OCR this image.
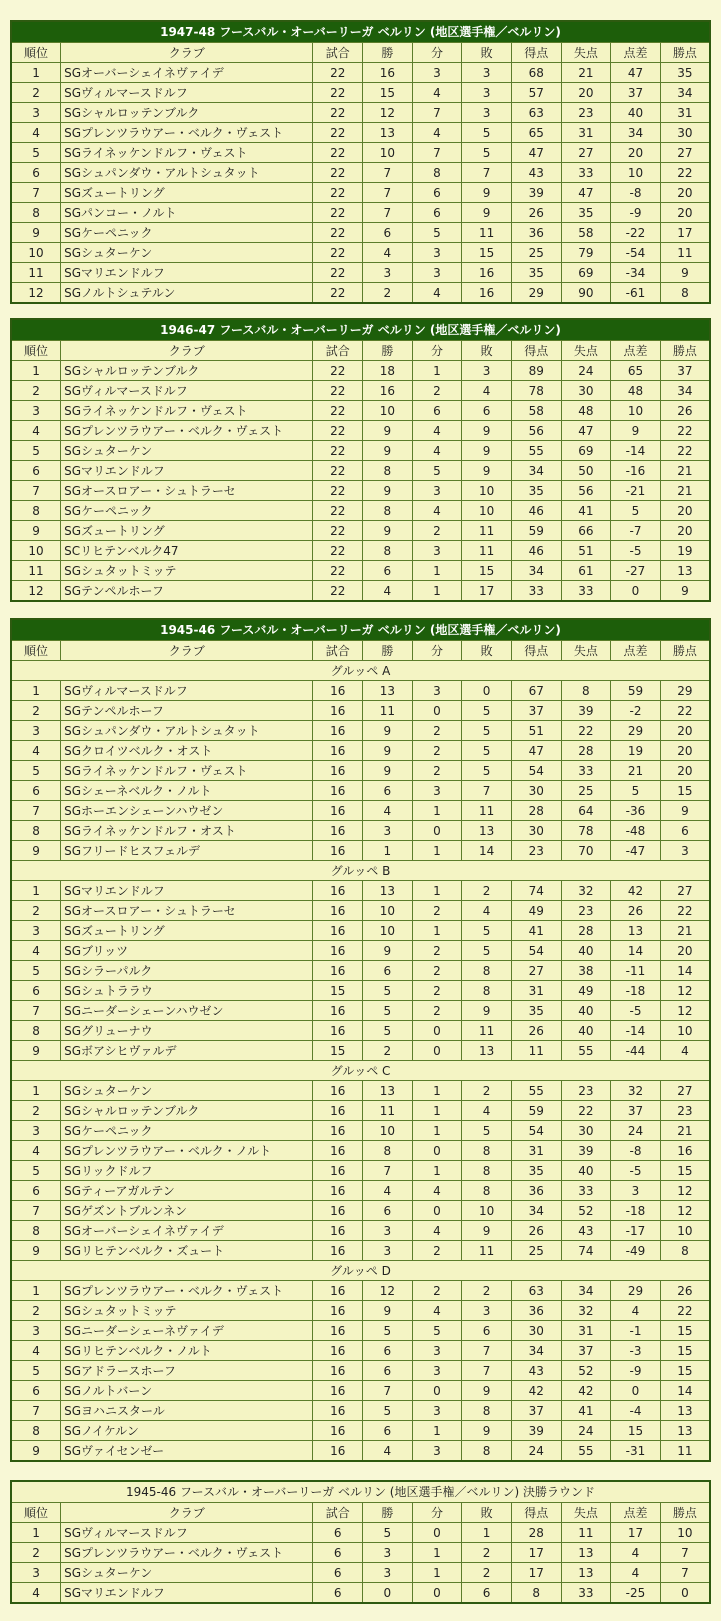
1947-48 フースバル・オーバーリーガ ベルリン (地区選手権／ベルリン)									
順位	クラブ	試合	勝	分	敗	得点	失点	点差	勝点
1	SGオーバーシェイネヴァイデ	22	16	3	3	68	21	47	35
2	SGヴィルマースドルフ	22	15	4	3	57	20	37	34
3	SGシャルロッテンブルク	22	12	7	3	63	23	40	31
4	SGプレンツラウアー・ベルク・ヴェスト	22	13	4	5	65	31	34	30
5	SGライネッケンドルフ・ヴェスト	22	10	7	5	47	27	20	27
6	SGシュパンダウ・アルトシュタット	22	7	8	7	43	33	10	22
7	SGズュートリング	22	7	6	9	39	47	-8	20
8	SGパンコー・ノルト	22	7	6	9	26	35	-9	20
9	SGケーペニック	22	6	5	11	36	58	-22	17
10	SGシュターケン	22	4	3	15	25	79	-54	11
11	SGマリエンドルフ	22	3	3	16	35	69	-34	9
12	SGノルトシュテルン	22	2	4	16	29	90	-61	8
1946-47 フースバル・オーバーリーガ ベルリン (地区選手権／ベルリン)									
順位	クラブ	試合	勝	分	敗	得点	失点	点差	勝点
1	SGシャルロッテンブルク	22	18	1	3	89	24	65	37
2	SGヴィルマースドルフ	22	16	2	4	78	30	48	34
3	SGライネッケンドルフ・ヴェスト	22	10	6	6	58	48	10	26
4	SGプレンツラウアー・ベルク・ヴェスト	22	9	4	9	56	47	9	22
5	SGシュターケン	22	9	4	9	55	69	-14	22
6	SGマリエンドルフ	22	8	5	9	34	50	-16	21
7	SGオースロアー・シュトラーセ	22	9	3	10	35	56	-21	21
8	SGケーペニック	22	8	4	10	46	41	5	20
9	SGズュートリング	22	9	2	11	59	66	-7	20
10	SCリヒテンベルク47	22	8	3	11	46	51	-5	19
11	SGシュタットミッテ	22	6	1	15	34	61	-27	13
12	SGテンペルホーフ	22	4	1	17	33	33	0	9
1945-46 フースバル・オーバーリーガ ベルリン (地区選手権／ベルリン)									
順位	クラブ	試合	勝	分	敗	得点	失点	点差	勝点
グルッペ A									
1	SGヴィルマースドルフ	16	13	3	0	67	8	59	29
2	SGテンペルホーフ	16	11	0	5	37	39	-2	22
3	SGシュパンダウ・アルトシュタット	16	9	2	5	51	22	29	20
4	SGクロイツベルク・オスト	16	9	2	5	47	28	19	20
5	SGライネッケンドルフ・ヴェスト	16	9	2	5	54	33	21	20
6	SGシェーネベルク・ノルト	16	6	3	7	30	25	5	15
7	SGホーエンシェーンハウゼン	16	4	1	11	28	64	-36	9
8	SGライネッケンドルフ・オスト	16	3	0	13	30	78	-48	6
9	SGフリードヒスフェルデ	16	1	1	14	23	70	-47	3
グルッペ B									
1	SGマリエンドルフ	16	13	1	2	74	32	42	27
2	SGオースロアー・シュトラーセ	16	10	2	4	49	23	26	22
3	SGズュートリング	16	10	1	5	41	28	13	21
4	SGブリッツ	16	9	2	5	54	40	14	20
5	SGシラーパルク	16	6	2	8	27	38	-11	14
6	SGシュトララウ	15	5	2	8	31	49	-18	12
7	SGニーダーシェーンハウゼン	16	5	2	9	35	40	-5	12
8	SGグリューナウ	16	5	0	11	26	40	-14	10
9	SGボアシヒヴァルデ	15	2	0	13	11	55	-44	4
グルッペ C									
1	SGシュターケン	16	13	1	2	55	23	32	27
2	SGシャルロッテンブルク	16	11	1	4	59	22	37	23
3	SGケーペニック	16	10	1	5	54	30	24	21
4	SGプレンツラウアー・ベルク・ノルト	16	8	0	8	31	39	-8	16
5	SGリックドルフ	16	7	1	8	35	40	-5	15
6	SGティーアガルテン	16	4	4	8	36	33	3	12
7	SGゲズントブルンネン	16	6	0	10	34	52	-18	12
8	SGオーバーシェイネヴァイデ	16	3	4	9	26	43	-17	10
9	SGリヒテンベルク・ズュート	16	3	2	11	25	74	-49	8
グルッペ D									
1	SGプレンツラウアー・ベルク・ヴェスト	16	12	2	2	63	34	29	26
2	SGシュタットミッテ	16	9	4	3	36	32	4	22
3	SGニーダーシェーネヴァイデ	16	5	5	6	30	31	-1	15
4	SGリヒテンベルク・ノルト	16	6	3	7	34	37	-3	15
5	SGアドラースホーフ	16	6	3	7	43	52	-9	15
6	SGノルトバーン	16	7	0	9	42	42	0	14
7	SGヨハニスタール	16	5	3	8	37	41	-4	13
8	SGノイケルン	16	6	1	9	39	24	15	13
9	SGヴァイセンゼー	16	4	3	8	24	55	-31	11
1945-46 フースバル・オーバーリーガ ベルリン (地区選手権／ベルリン) 決勝ラウンド									
順位	クラブ	試合	勝	分	敗	得点	失点	点差	勝点
1	SGヴィルマースドルフ	6	5	0	1	28	11	17	10
2	SGプレンツラウアー・ベルク・ヴェスト	6	3	1	2	17	13	4	7
3	SGシュターケン	6	3	1	2	17	13	4	7
4	SGマリエンドルフ	6	0	0	6	8	33	-25	0
